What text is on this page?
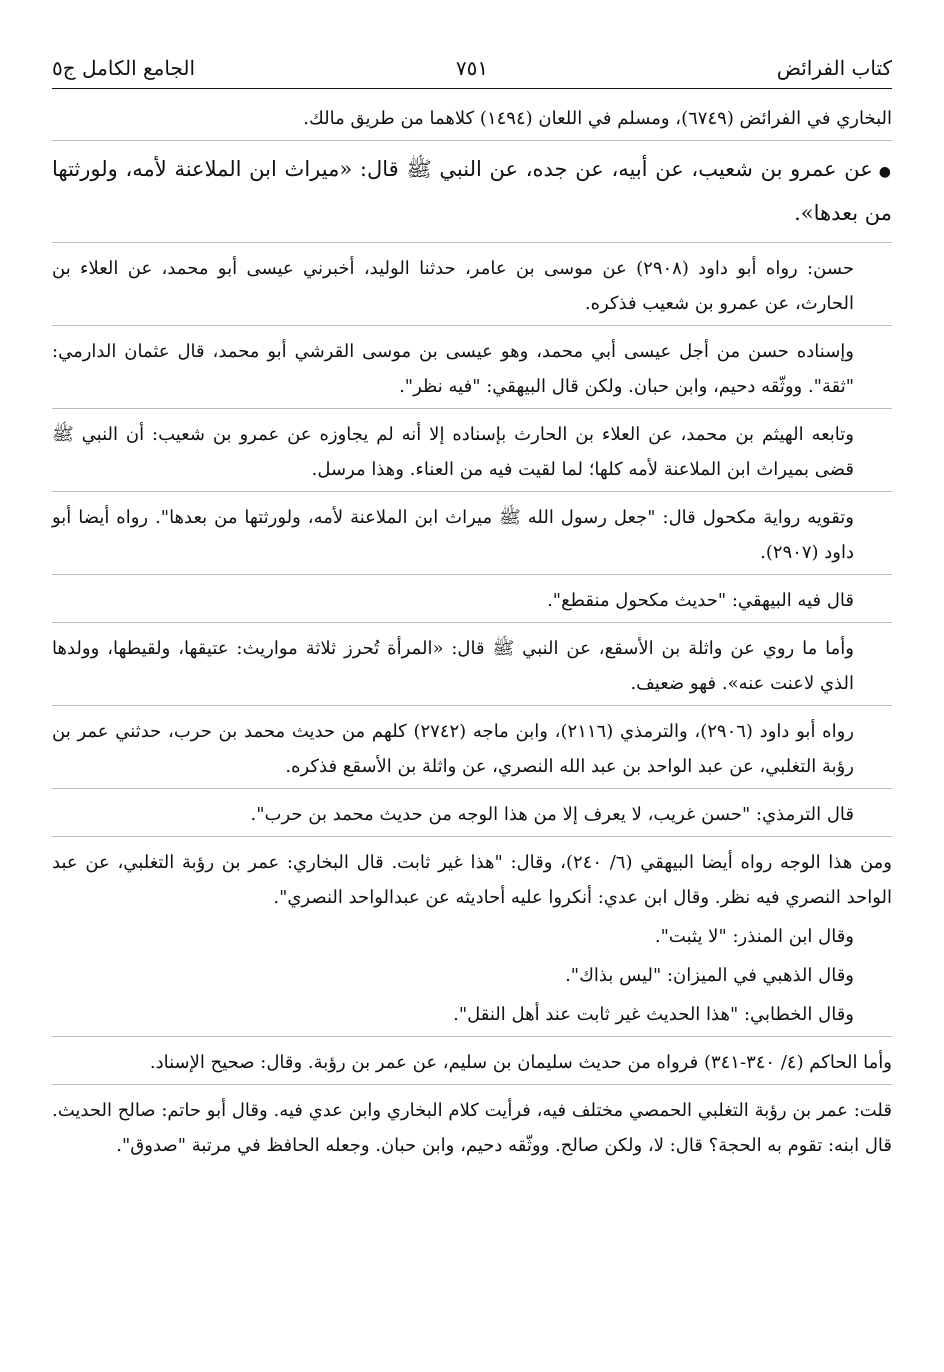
كتاب الفرائض
٧٥١
الجامع الكامل ج٥

البخاري في الفرائض (٦٧٤٩)، ومسلم في اللعان (١٤٩٤) كلاهما من طريق مالك.

●عن عمرو بن شعيب، عن أبيه، عن جده، عن النبي ﷺ قال: «ميراث ابن الملاعنة لأمه، ولورثتها من بعدها».

حسن: رواه أبو داود (٢٩٠٨) عن موسى بن عامر، حدثنا الوليد، أخبرني عيسى أبو محمد، عن العلاء بن الحارث، عن عمرو بن شعيب فذكره.

وإسناده حسن من أجل عيسى أبي محمد، وهو عيسى بن موسى القرشي أبو محمد، قال عثمان الدارمي: "ثقة". ووثّقه دحيم، وابن حبان. ولكن قال البيهقي: "فيه نظر".

وتابعه الهيثم بن محمد، عن العلاء بن الحارث بإسناده إلا أنه لم يجاوزه عن عمرو بن شعيب: أن النبي ﷺ قضى بميراث ابن الملاعنة لأمه كلها؛ لما لقيت فيه من العناء. وهذا مرسل.

وتقويه رواية مكحول قال: "جعل رسول الله ﷺ ميراث ابن الملاعنة لأمه، ولورثتها من بعدها". رواه أيضا أبو داود (٢٩٠٧).

قال فيه البيهقي: "حديث مكحول منقطع".

وأما ما روي عن واثلة بن الأسقع، عن النبي ﷺ قال: «المرأة تُحرز ثلاثة مواريث: عتيقها، ولقيطها، وولدها الذي لاعنت عنه». فهو ضعيف.

رواه أبو داود (٢٩٠٦)، والترمذي (٢١١٦)، وابن ماجه (٢٧٤٢) كلهم من حديث محمد بن حرب، حدثني عمر بن رؤبة التغلبي، عن عبد الواحد بن عبد الله النصري، عن واثلة بن الأسقع فذكره.

قال الترمذي: "حسن غريب، لا يعرف إلا من هذا الوجه من حديث محمد بن حرب".

ومن هذا الوجه رواه أيضا البيهقي (٦/ ٢٤٠)، وقال: "هذا غير ثابت. قال البخاري: عمر بن رؤبة التغلبي، عن عبد الواحد النصري فيه نظر. وقال ابن عدي: أنكروا عليه أحاديثه عن عبدالواحد النصري".

وقال ابن المنذر: "لا يثبت".

وقال الذهبي في الميزان: "ليس بذاك".

وقال الخطابي: "هذا الحديث غير ثابت عند أهل النقل".

وأما الحاكم (٤/ ٣٤٠-٣٤١) فرواه من حديث سليمان بن سليم، عن عمر بن رؤبة. وقال: صحيح الإسناد.

قلت: عمر بن رؤبة التغلبي الحمصي مختلف فيه، فرأيت كلام البخاري وابن عدي فيه. وقال أبو حاتم: صالح الحديث. قال ابنه: تقوم به الحجة؟ قال: لا، ولكن صالح. ووثّقه دحيم، وابن حبان. وجعله الحافظ في مرتبة "صدوق".
